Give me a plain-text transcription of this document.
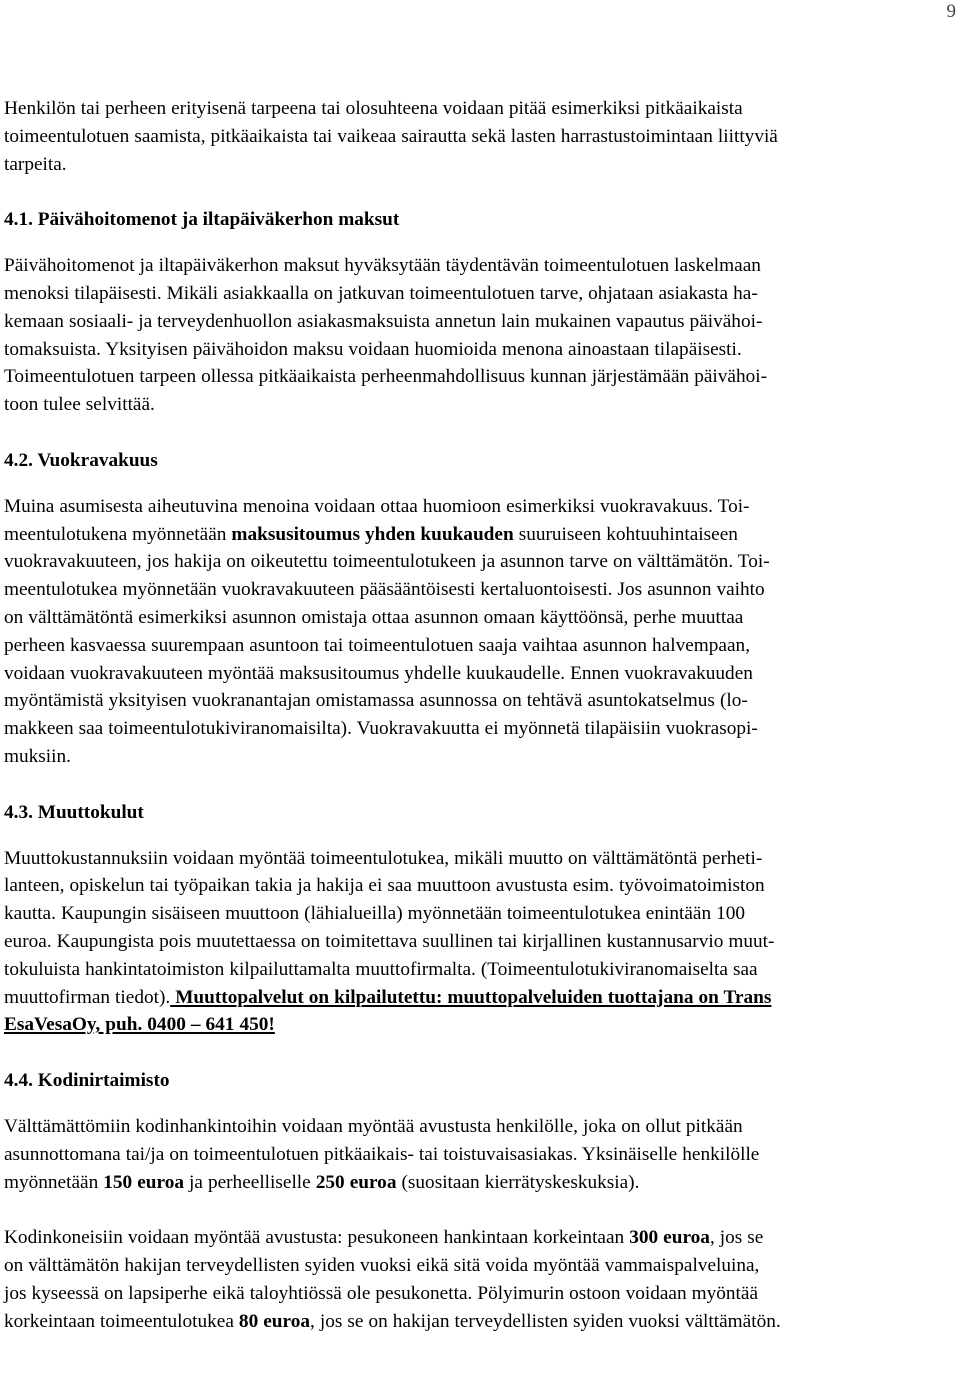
9

Henkilön tai perheen erityisenä tarpeena tai olosuhteena voidaan pitää esimerkiksi pitkäaikaista
toimeentulotuen saamista, pitkäaikaista tai vaikeaa sairautta sekä lasten harrastustoimintaan liittyviä
tarpeita.

4.1. Päivähoitomenot ja iltapäiväkerhon maksut

Päivähoitomenot ja iltapäiväkerhon maksut hyväksytään täydentävän toimeentulotuen laskelmaan
menoksi tilapäisesti. Mikäli asiakkaalla on jatkuvan toimeentulotuen tarve, ohjataan asiakasta ha-
kemaan sosiaali- ja terveydenhuollon asiakasmaksuista annetun lain mukainen vapautus päivähoi-
tomaksuista. Yksityisen päivähoidon maksu voidaan huomioida menona ainoastaan tilapäisesti.
Toimeentulotuen tarpeen ollessa pitkäaikaista perheenmahdollisuus kunnan järjestämään päivähoi-
toon tulee selvittää.

4.2. Vuokravakuus

Muina asumisesta aiheutuvina menoina voidaan ottaa huomioon esimerkiksi vuokravakuus. Toi-
meentulotukena myönnetään maksusitoumus yhden kuukauden suuruiseen kohtuuhintaiseen
vuokravakuuteen, jos hakija on oikeutettu toimeentulotukeen ja asunnon tarve on välttämätön. Toi-
meentulotukea myönnetään vuokravakuuteen pääsääntöisesti kertaluontoisesti. Jos asunnon vaihto
on välttämätöntä esimerkiksi asunnon omistaja ottaa asunnon omaan käyttöönsä, perhe muuttaa
perheen kasvaessa suurempaan asuntoon tai toimeentulotuen saaja vaihtaa asunnon halvempaan,
voidaan vuokravakuuteen myöntää maksusitoumus yhdelle kuukaudelle. Ennen vuokravakuuden
myöntämistä yksityisen vuokranantajan omistamassa asunnossa on tehtävä asuntokatselmus (lo-
makkeen saa toimeentulotukiviranomaisilta). Vuokravakuutta ei myönnetä tilapäisiin vuokrasopi-
muksiin.

4.3. Muuttokulut

Muuttokustannuksiin voidaan myöntää toimeentulotukea, mikäli muutto on välttämätöntä perheti-
lanteen, opiskelun tai työpaikan takia ja hakija ei saa muuttoon avustusta esim. työvoimatoimiston
kautta. Kaupungin sisäiseen muuttoon (lähialueilla) myönnetään toimeentulotukea enintään 100
euroa. Kaupungista pois muutettaessa on toimitettava suullinen tai kirjallinen kustannusarvio muut-
tokuluista hankintatoimiston kilpailuttamalta muuttofirmalta. (Toimeentulotukiviranomaiselta saa
muuttofirman tiedot). Muuttopalvelut on kilpailutettu: muuttopalveluiden tuottajana on Trans
EsaVesaOy, puh. 0400 – 641 450!

4.4. Kodinirtaimisto

Välttämättömiin kodinhankintoihin voidaan myöntää avustusta henkilölle, joka on ollut pitkään
asunnottomana tai/ja on toimeentulotuen pitkäaikais- tai toistuvaisasiakas. Yksinäiselle henkilölle
myönnetään 150 euroa ja perheelliselle 250 euroa (suositaan kierrätyskeskuksia).

Kodinkoneisiin voidaan myöntää avustusta: pesukoneen hankintaan korkeintaan 300 euroa, jos se
on välttämätön hakijan terveydellisten syiden vuoksi eikä sitä voida myöntää vammaispalveluina,
jos kyseessä on lapsiperhe eikä taloyhtiössä ole pesukonetta. Pölyimurin ostoon voidaan myöntää
korkeintaan toimeentulotukea 80 euroa, jos se on hakijan terveydellisten syiden vuoksi välttämätön.
